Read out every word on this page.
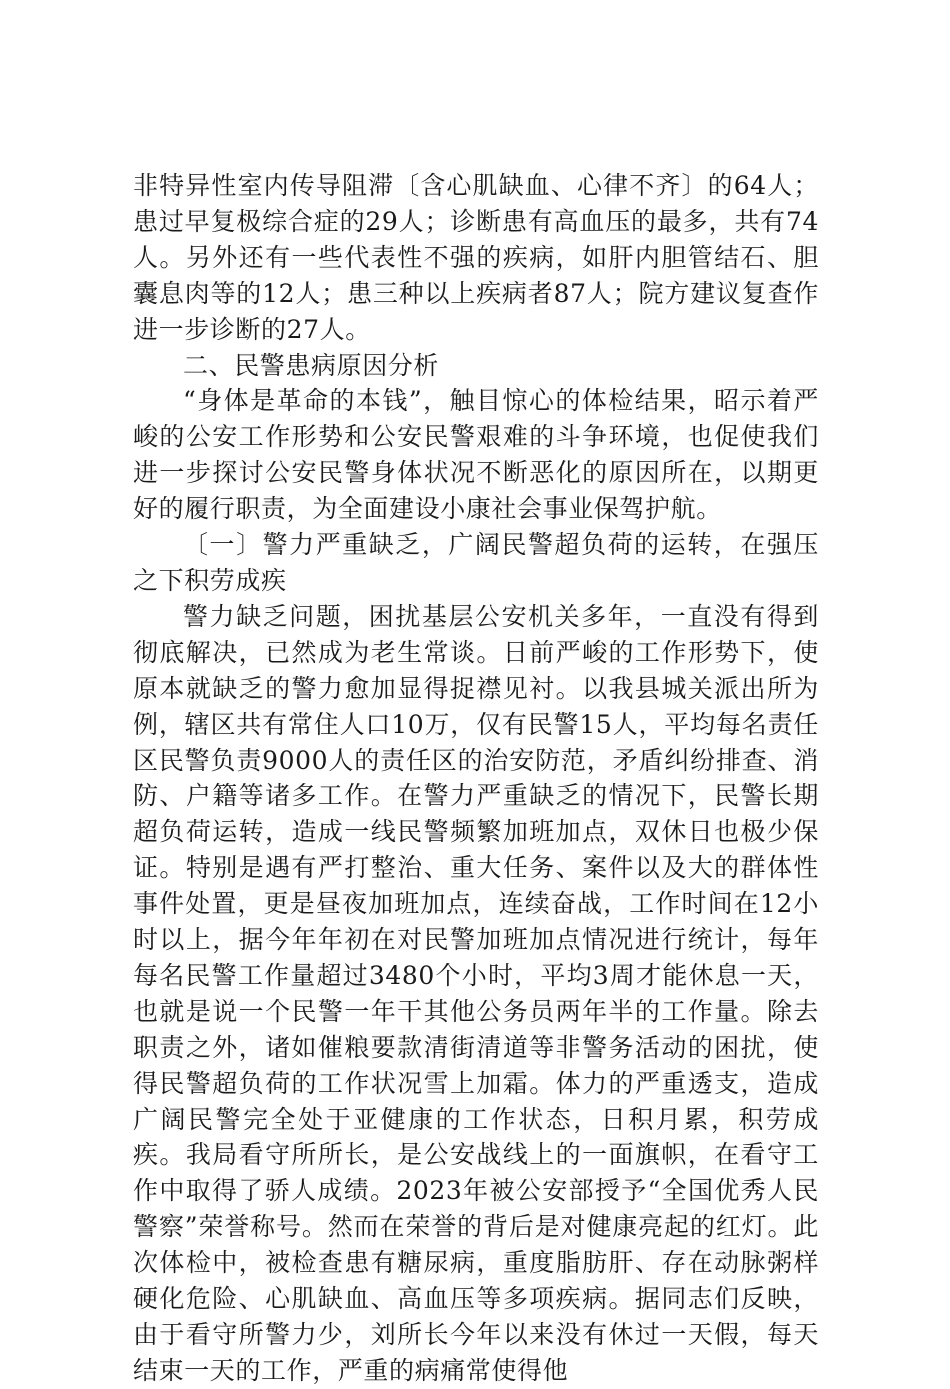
非特异性室内传导阻滞〔含心肌缺血、心律不齐〕的64人；患过早复极综合症的29人；诊断患有高血压的最多，共有74人。另外还有一些代表性不强的疾病，如肝内胆管结石、胆囊息肉等的12人；患三种以上疾病者87人；院方建议复查作进一步诊断的27人。

二、民警患病原因分析

“身体是革命的本钱”，触目惊心的体检结果，昭示着严峻的公安工作形势和公安民警艰难的斗争环境，也促使我们进一步探讨公安民警身体状况不断恶化的原因所在，以期更好的履行职责，为全面建设小康社会事业保驾护航。

〔一〕警力严重缺乏，广阔民警超负荷的运转，在强压之下积劳成疾

警力缺乏问题，困扰基层公安机关多年，一直没有得到彻底解决，已然成为老生常谈。日前严峻的工作形势下，使原本就缺乏的警力愈加显得捉襟见衬。以我县城关派出所为例，辖区共有常住人口10万，仅有民警15人，平均每名责任区民警负责9000人的责任区的治安防范，矛盾纠纷排查、消防、户籍等诸多工作。在警力严重缺乏的情况下，民警长期超负荷运转，造成一线民警频繁加班加点，双休日也极少保证。特别是遇有严打整治、重大任务、案件以及大的群体性事件处置，更是昼夜加班加点，连续奋战，工作时间在12小时以上，据今年年初在对民警加班加点情况进行统计，每年每名民警工作量超过3480个小时，平均3周才能休息一天，也就是说一个民警一年干其他公务员两年半的工作量。除去职责之外，诸如催粮要款清街清道等非警务活动的困扰，使得民警超负荷的工作状况雪上加霜。体力的严重透支，造成广阔民警完全处于亚健康的工作状态，日积月累，积劳成疾。我局看守所所长，是公安战线上的一面旗帜，在看守工作中取得了骄人成绩。2023年被公安部授予“全国优秀人民警察”荣誉称号。然而在荣誉的背后是对健康亮起的红灯。此次体检中，被检查患有糖尿病，重度脂肪肝、存在动脉粥样硬化危险、心肌缺血、高血压等多项疾病。据同志们反映，由于看守所警力少，刘所长今年以来没有休过一天假，每天结束一天的工作，严重的病痛常使得他
